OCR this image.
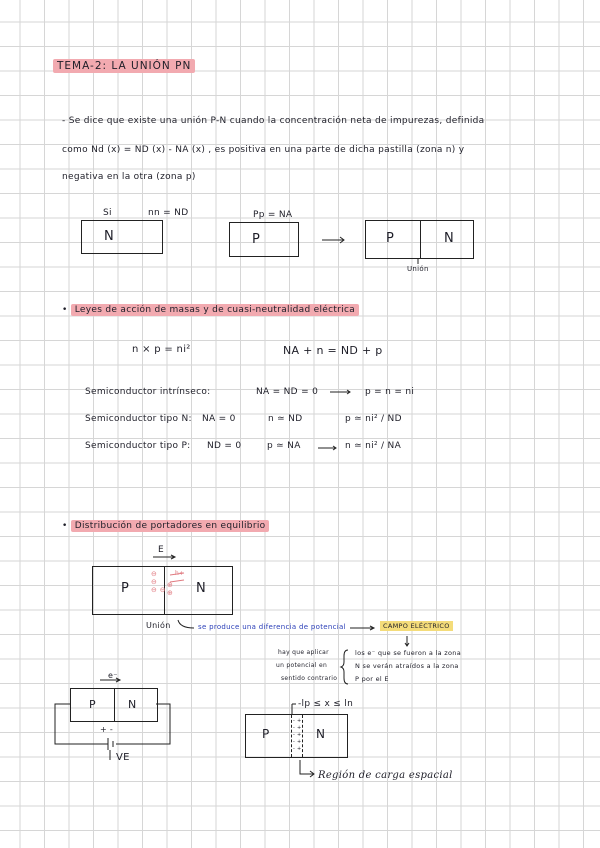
TEMA-2: LA UNIÓN PN
- Se dice que existe una unión P-N cuando la concentración neta de impurezas, definida
como Nd (x) = ND (x) - NA (x) , es positiva en una parte de dicha pastilla (zona n) y
negativa en la otra (zona p)
Si	nn = ND
N
Pp = NA
P	P	N
Unión
• Leyes de acción de masas y de cuasi-neutralidad eléctrica
n × p = ni²	NA + n = ND + p
Semiconductor intrínseco:	NA = ND = 0	p = n = ni
Semiconductor tipo N: NA = 0	n ≃ ND	p ≃ ni² / ND
Semiconductor tipo P: ND = 0	p ≃ NA	n ≃ ni² / NA
• Distribución de portadores en equilibrio
E
P	N
⊖
⊖
⊖ ⊖
⊕
⊕
h+
Unión	se produce una diferencia de potencial	CAMPO ELÉCTRICO
hay que aplicar
un potencial en
sentido contrario
los e⁻ que se fueron a la zona
N se verán atraídos a la zona
P por el E
e⁻
P	N
+ -
VE
-lp ≤ x ≤ ln
P	N
- +
- +
- +
- +
- +
Región de carga espacial
